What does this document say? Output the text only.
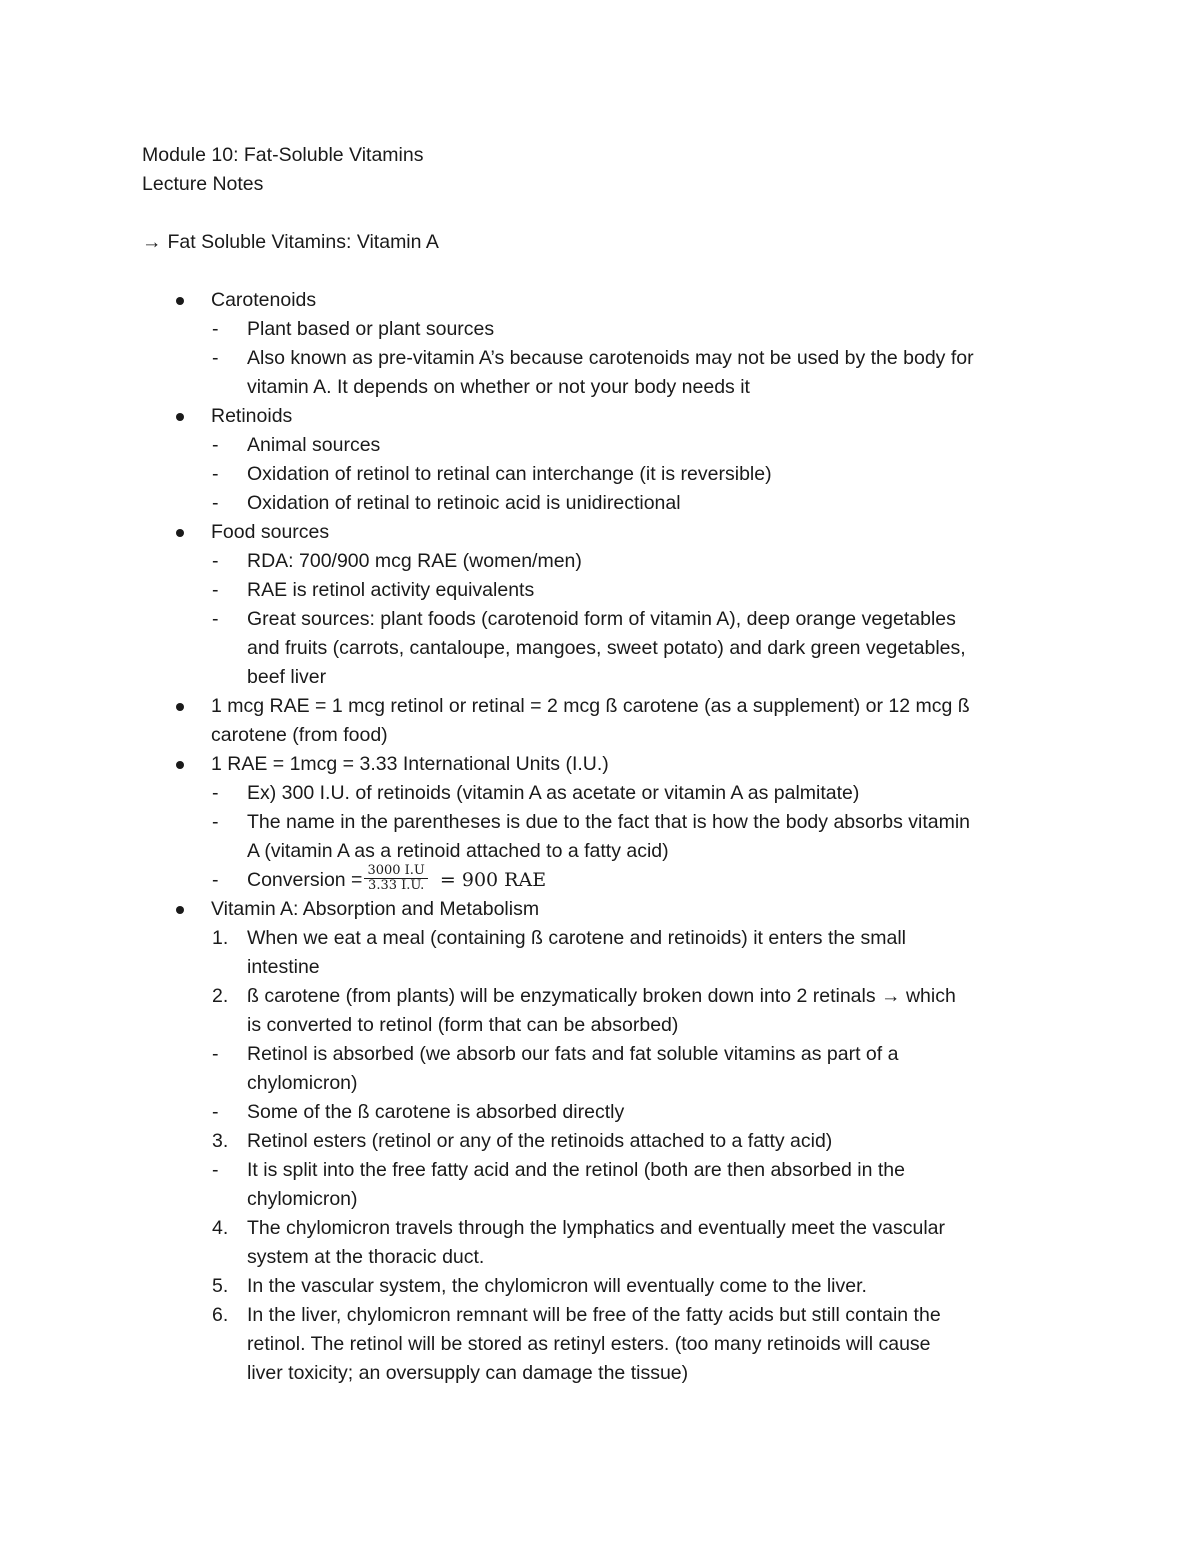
Module 10: Fat-Soluble Vitamins
Lecture Notes
→ Fat Soluble Vitamins: Vitamin A
Carotenoids
- Plant based or plant sources
- Also known as pre-vitamin A’s because carotenoids may not be used by the body for
vitamin A. It depends on whether or not your body needs it
Retinoids
- Animal sources
- Oxidation of retinol to retinal can interchange (it is reversible)
- Oxidation of retinal to retinoic acid is unidirectional
Food sources
- RDA: 700/900 mcg RAE (women/men)
- RAE is retinol activity equivalents
- Great sources: plant foods (carotenoid form of vitamin A), deep orange vegetables
and fruits (carrots, cantaloupe, mangoes, sweet potato) and dark green vegetables,
beef liver
1 mcg RAE = 1 mcg retinol or retinal = 2 mcg ß carotene (as a supplement) or 12 mcg ß
carotene (from food)
1 RAE = 1mcg = 3.33 International Units (I.U.)
- Ex) 300 I.U. of retinoids (vitamin A as acetate or vitamin A as palmitate)
- The name in the parentheses is due to the fact that is how the body absorbs vitamin
A (vitamin A as a retinoid attached to a fatty acid)
- Conversion = $\frac{3000 I.U}{3.33 I.U.} = 900$ RAE
Vitamin A: Absorption and Metabolism
1. When we eat a meal (containing ß carotene and retinoids) it enters the small
intestine
2. ß carotene (from plants) will be enzymatically broken down into 2 retinals → which
is converted to retinol (form that can be absorbed)
- Retinol is absorbed (we absorb our fats and fat soluble vitamins as part of a
chylomicron)
- Some of the ß carotene is absorbed directly
3. Retinol esters (retinol or any of the retinoids attached to a fatty acid)
- It is split into the free fatty acid and the retinol (both are then absorbed in the
chylomicron)
4. The chylomicron travels through the lymphatics and eventually meet the vascular
system at the thoracic duct.
5. In the vascular system, the chylomicron will eventually come to the liver.
6. In the liver, chylomicron remnant will be free of the fatty acids but still contain the
retinol. The retinol will be stored as retinyl esters. (too many retinoids will cause
liver toxicity; an oversupply can damage the tissue)
